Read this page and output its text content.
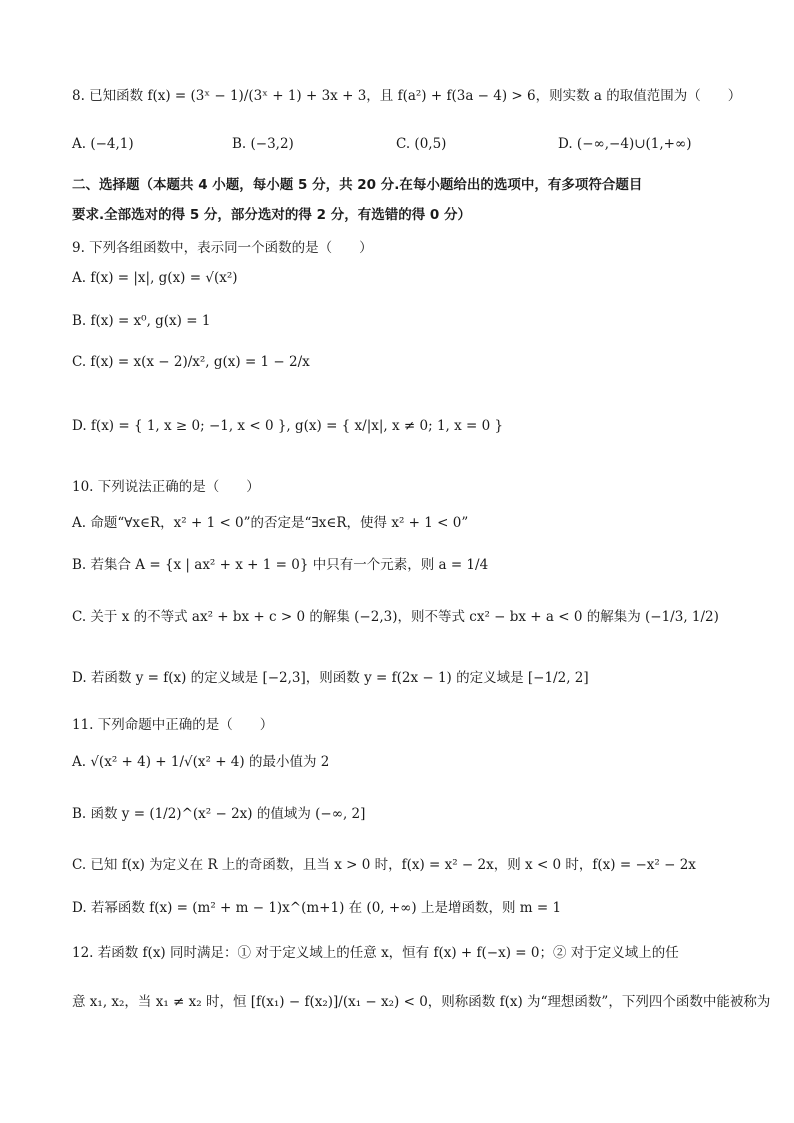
8. 已知函数 f(x) = (3ˣ − 1)/(3ˣ + 1) + 3x + 3，且 f(a²) + f(3a − 4) > 6，则实数 a 的取值范围为（　　）
A. (−4,1)	B. (−3,2)	C. (0,5)	D. (−∞,−4)∪(1,+∞)
二、选择题（本题共 4 小题，每小题 5 分，共 20 分.在每小题给出的选项中，有多项符合题目
要求.全部选对的得 5 分，部分选对的得 2 分，有选错的得 0 分）
9. 下列各组函数中，表示同一个函数的是（　　）
A. f(x) = |x|, g(x) = √(x²)
B. f(x) = x⁰, g(x) = 1
C. f(x) = x(x − 2)/x², g(x) = 1 − 2/x
D. f(x) = { 1, x ≥ 0; −1, x < 0 }, g(x) = { x/|x|, x ≠ 0; 1, x = 0 }
10. 下列说法正确的是（　　）
A. 命题“∀x∈R，x² + 1 < 0”的否定是“∃x∈R，使得 x² + 1 < 0”
B. 若集合 A = {x | ax² + x + 1 = 0} 中只有一个元素，则 a = 1/4
C. 关于 x 的不等式 ax² + bx + c > 0 的解集 (−2,3)，则不等式 cx² − bx + a < 0 的解集为 (−1/3, 1/2)
D. 若函数 y = f(x) 的定义域是 [−2,3]，则函数 y = f(2x − 1) 的定义域是 [−1/2, 2]
11. 下列命题中正确的是（　　）
A. √(x² + 4) + 1/√(x² + 4) 的最小值为 2
B. 函数 y = (1/2)^(x² − 2x) 的值域为 (−∞, 2]
C. 已知 f(x) 为定义在 R 上的奇函数，且当 x > 0 时，f(x) = x² − 2x，则 x < 0 时，f(x) = −x² − 2x
D. 若幂函数 f(x) = (m² + m − 1)x^(m+1) 在 (0, +∞) 上是增函数，则 m = 1
12. 若函数 f(x) 同时满足：① 对于定义域上的任意 x，恒有 f(x) + f(−x) = 0；② 对于定义域上的任
意 x₁, x₂，当 x₁ ≠ x₂ 时，恒 [f(x₁) − f(x₂)]/(x₁ − x₂) < 0，则称函数 f(x) 为“理想函数”，下列四个函数中能被称为
